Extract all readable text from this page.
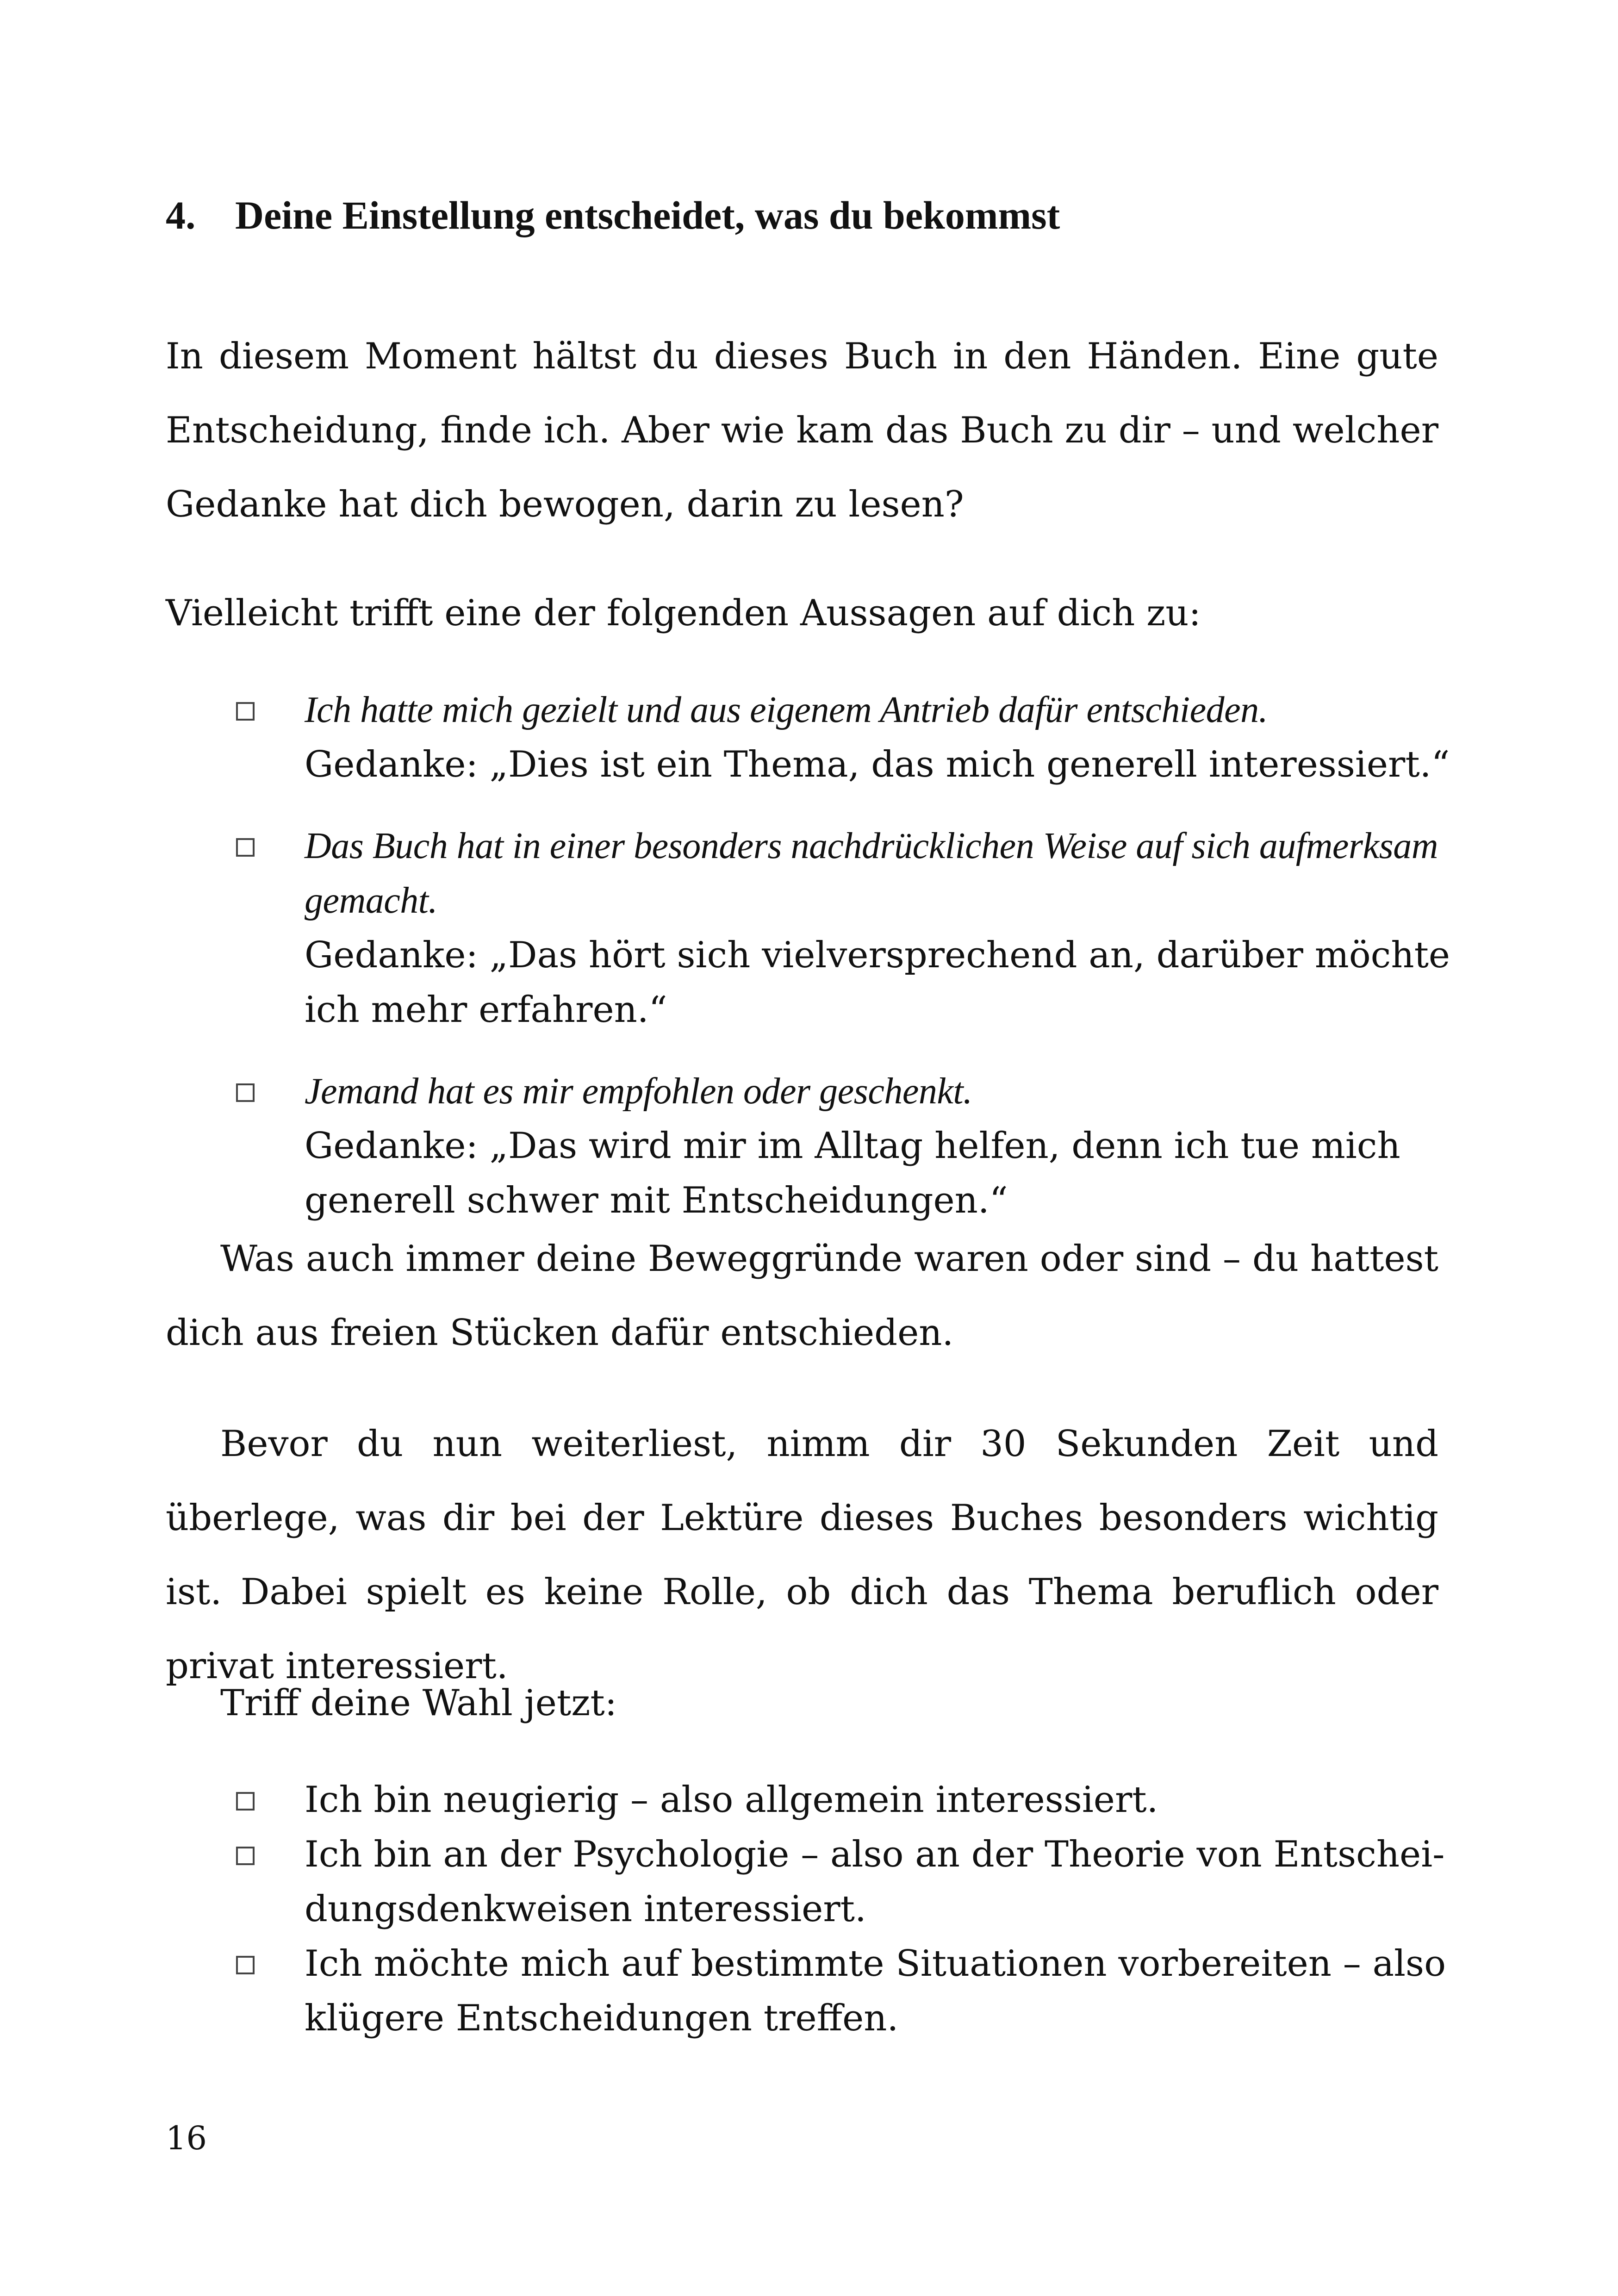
4. Deine Einstellung entscheidet, was du bekommst

In diesem Moment hältst du dieses Buch in den Händen. Eine gute Entscheidung, finde ich. Aber wie kam das Buch zu dir – und welcher Gedanke hat dich bewogen, darin zu lesen?

Vielleicht trifft eine der folgenden Aussagen auf dich zu:

Ich hatte mich gezielt und aus eigenem Antrieb dafür entschieden.
Gedanke: „Dies ist ein Thema, das mich generell interessiert.“
Das Buch hat in einer besonders nachdrücklichen Weise auf sich aufmerksam gemacht.
Gedanke: „Das hört sich vielversprechend an, darüber möchte ich mehr erfahren.“
Jemand hat es mir empfohlen oder geschenkt.
Gedanke: „Das wird mir im Alltag helfen, denn ich tue mich generell schwer mit Entscheidungen.“

Was auch immer deine Beweggründe waren oder sind – du hattest dich aus freien Stücken dafür entschieden.

Bevor du nun weiterliest, nimm dir 30 Sekunden Zeit und überlege, was dir bei der Lektüre dieses Buches besonders wichtig ist. Dabei spielt es keine Rolle, ob dich das Thema beruflich oder privat interessiert.

Triff deine Wahl jetzt:

Ich bin neugierig – also allgemein interessiert.
Ich bin an der Psychologie – also an der Theorie von Entscheidungsdenkweisen interessiert.
Ich möchte mich auf bestimmte Situationen vorbereiten – also klügere Entscheidungen treffen.
16
